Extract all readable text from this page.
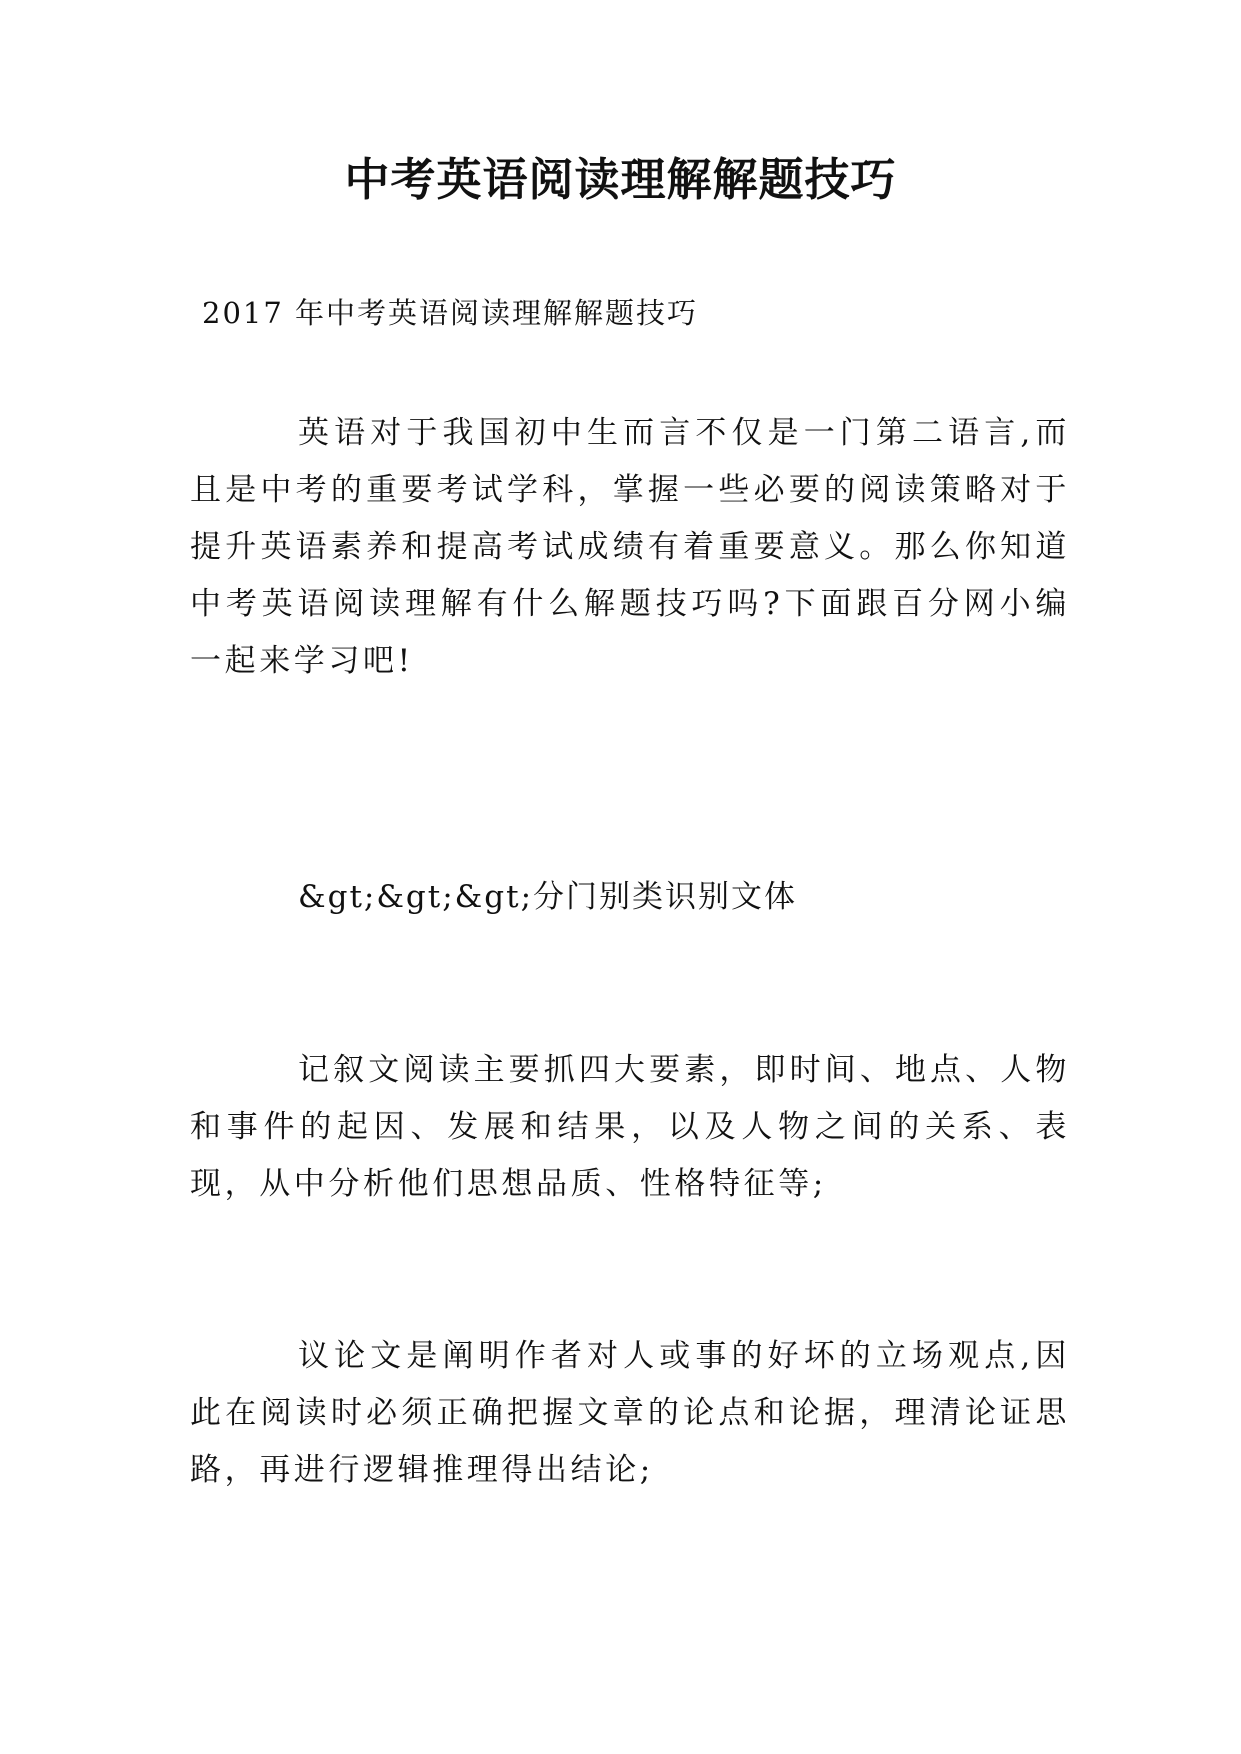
中考英语阅读理解解题技巧
2017 年中考英语阅读理解解题技巧

英语对于我国初中生而言不仅是一门第二语言,而且是中考的重要考试学科，掌握一些必要的阅读策略对于提升英语素养和提高考试成绩有着重要意义。那么你知道中考英语阅读理解有什么解题技巧吗?下面跟百分网小编一起来学习吧!

&gt;&gt;&gt;分门别类识别文体

记叙文阅读主要抓四大要素，即时间、地点、人物和事件的起因、发展和结果，以及人物之间的关系、表现，从中分析他们思想品质、性格特征等;

议论文是阐明作者对人或事的好坏的立场观点,因此在阅读时必须正确把握文章的论点和论据，理清论证思路，再进行逻辑推理得出结论;
